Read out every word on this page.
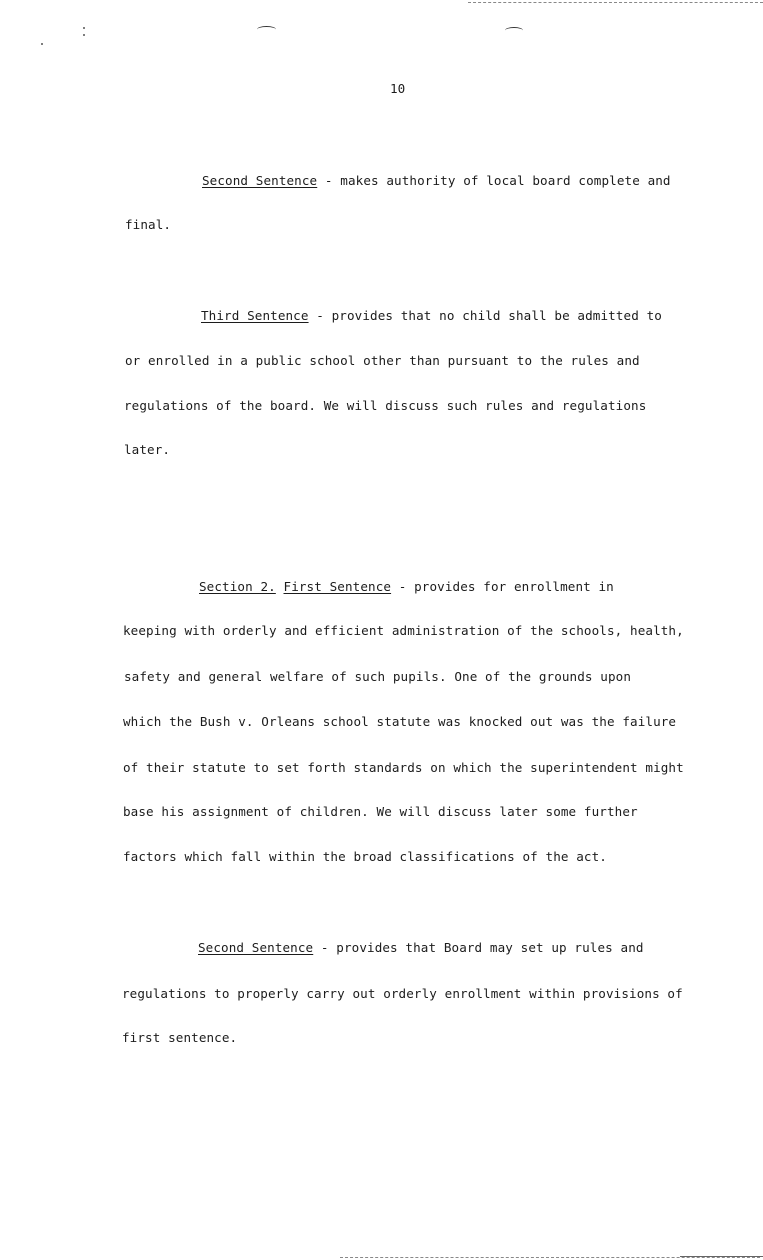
10
Second Sentence - makes authority of local board complete and
final.
Third Sentence - provides that no child shall be admitted to
or enrolled in a public school other than pursuant to the rules and
regulations of the board. We will discuss such rules and regulations
later.
Section 2. First Sentence - provides for enrollment in
keeping with orderly and efficient administration of the schools, health,
safety and general welfare of such pupils. One of the grounds upon
which the Bush v. Orleans school statute was knocked out was the failure
of their statute to set forth standards on which the superintendent might
base his assignment of children. We will discuss later some further
factors which fall within the broad classifications of the act.
Second Sentence - provides that Board may set up rules and
regulations to properly carry out orderly enrollment within provisions of
first sentence.
